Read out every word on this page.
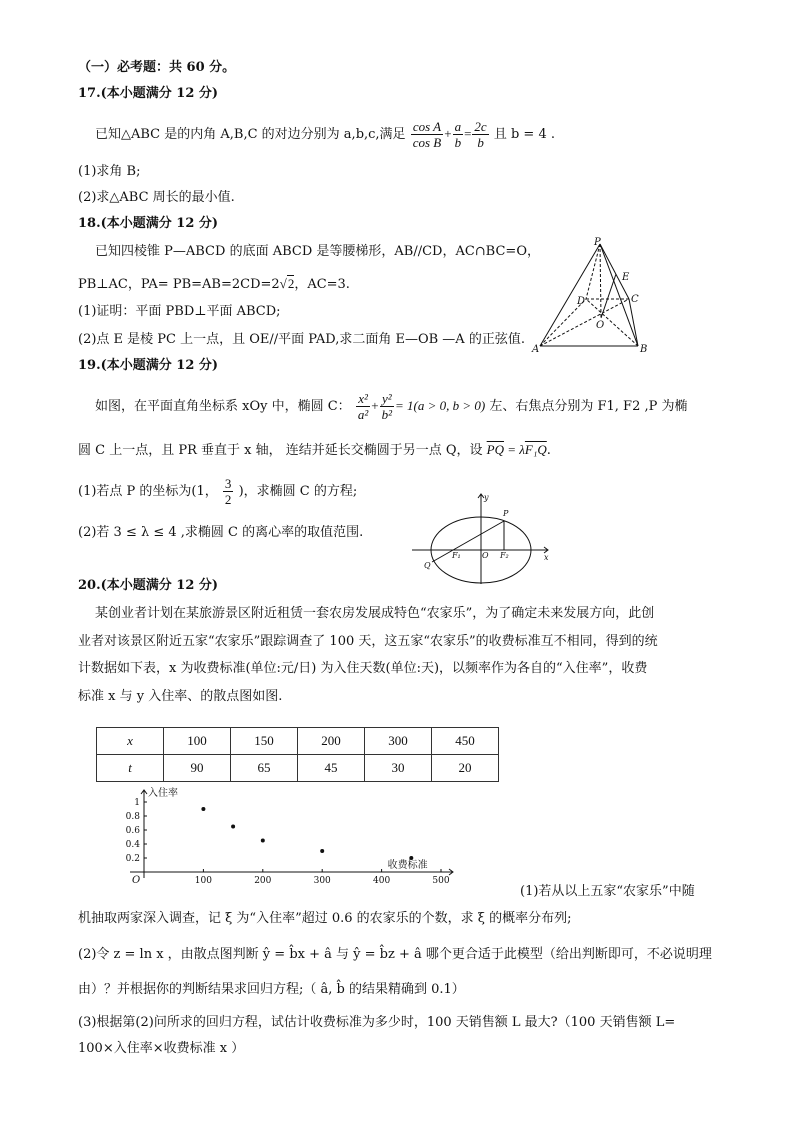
（一）必考题：共 60 分。
17.(本小题满分 12 分)
已知△ABC 是的内角 A,B,C 的对边分别为 a,b,c,满足 $\frac{\text{cos A}}{\text{cos B}} + \frac{a}{b} = \frac{2c}{b}$ 且 b = 4 .
(1)求角 B;
(2)求△ABC 周长的最小值.
18.(本小题满分 12 分)
已知四棱锥 P—ABCD 的底面 ABCD 是等腰梯形，AB//CD，AC∩BC=O，
PB⊥AC，PA= PB=AB=2CD=2√2，AC=3.
(1)证明：平面 PBD⊥平面 ABCD;
(2)点 E 是棱 PC 上一点，且 OE//平面 PAD,求二面角 E—OB —A 的正弦值.
P
E
D	C
O
A	B
19.(本小题满分 12 分)
如图，在平面直角坐标系 xOy 中，椭圆 C： $\frac{\text{x²}}{\text{a²}} + \frac{\text{y²}}{\text{b²}} = 1(a > 0$, b > 0) 左、右焦点分别为 F1, F2 ,P 为椭
圆 C 上一点，且 PR 垂直于 x 轴， 连结并延长交椭圆于另一点 Q，设 $\overline{PQ} = \lambda F_1Q$.
(1)若点 P 的坐标为(1， $\frac{3}{2}$ )，求椭圆 C 的方程;
(2)若 3 ≤ λ ≤ 4 ,求椭圆 C 的离心率的取值范围.
y
x
P
Q
F₁	O F₂
20.(本小题满分 12 分)
某创业者计划在某旅游景区附近租赁一套农房发展成特色“农家乐”，为了确定未来发展方向，此创
业者对该景区附近五家“农家乐”跟踪调查了 100 天，这五家“农家乐”的收费标准互不相同，得到的统
计数据如下表，x 为收费标准(单位:元/日) 为入住天数(单位:天)，以频率作为各自的“入住率”，收费
标准 x 与 y 入住率、的散点图如图.
x	100	150	200	300	450
t	90	65	45	30	20
入住率
收费标准
O
0.2
0.4
0.6
0.8
1
100	200	300	400	500
(1)若从以上五家“农家乐”中随
机抽取两家深入调查，记 ξ 为“入住率”超过 0.6 的农家乐的个数，求 ξ 的概率分布列;
(2)令 z = ln x ，由散点图判断 ŷ = b̂x + â 与 ŷ = b̂z + â 哪个更合适于此模型（给出判断即可，不必说明理
由）？并根据你的判断结果求回归方程;（ â, b̂ 的结果精确到 0.1）
(3)根据第(2)问所求的回归方程，试估计收费标准为多少时，100 天销售额 L 最大?（100 天销售额 L=
100×入住率×收费标准 x ）
